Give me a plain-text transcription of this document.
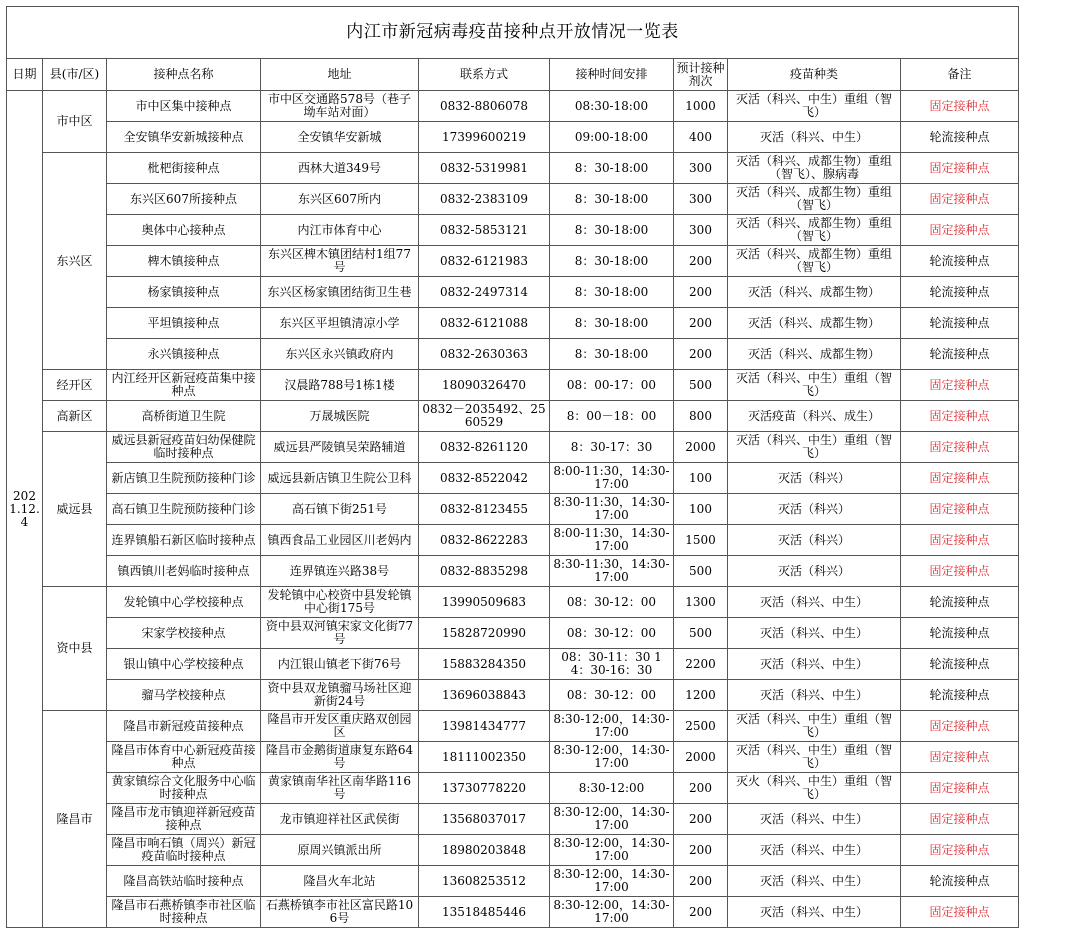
内江市新冠病毒疫苗接种点开放情况一览表								
日期	县(市/区)	接种点名称	地址	联系方式	接种时间安排	预计接种剂次	疫苗种类	备注
2021.12.4	市中区	市中区集中接种点	市中区交通路578号（巷子坳车站对面）	0832-8806078	08:30-18:00	1000	灭活（科兴、中生）重组（智飞）	固定接种点
		全安镇华安新城接种点	全安镇华安新城	17399600219	09:00-18:00	400	灭活（科兴、中生）	轮流接种点
	东兴区	枇杷街接种点	西林大道349号	0832-5319981	8：30-18:00	300	灭活（科兴、成都生物）重组（智飞）、腺病毒	固定接种点
		东兴区607所接种点	东兴区607所内	0832-2383109	8：30-18:00	300	灭活（科兴、成都生物）重组（智飞）	固定接种点
		奥体中心接种点	内江市体育中心	0832-5853121	8：30-18:00	300	灭活（科兴、成都生物）重组（智飞）	固定接种点
		椑木镇接种点	东兴区椑木镇团结村1组77号	0832-6121983	8：30-18:00	200	灭活（科兴、成都生物）重组（智飞）	轮流接种点
		杨家镇接种点	东兴区杨家镇团结街卫生巷	0832-2497314	8：30-18:00	200	灭活（科兴、成都生物）	轮流接种点
		平坦镇接种点	东兴区平坦镇清凉小学	0832-6121088	8：30-18:00	200	灭活（科兴、成都生物）	轮流接种点
		永兴镇接种点	东兴区永兴镇政府内	0832-2630363	8：30-18:00	200	灭活（科兴、成都生物）	轮流接种点
	经开区	内江经开区新冠疫苗集中接种点	汉晨路788号1栋1楼	18090326470	08：00-17：00	500	灭活（科兴、中生）重组（智飞）	固定接种点
	高新区	高桥街道卫生院	万晟城医院	0832－2035492、2560529	8：00－18：00	800	灭活疫苗（科兴、成生）	固定接种点
	威远县	威远县新冠疫苗妇幼保健院临时接种点	威远县严陵镇吴荣路辅道	0832-8261120	8：30-17：30	2000	灭活（科兴、中生）重组（智飞）	固定接种点
		新店镇卫生院预防接种门诊	威远县新店镇卫生院公卫科	0832-8522042	8:00-11:30，14:30-17:00	100	灭活（科兴）	固定接种点
		高石镇卫生院预防接种门诊	高石镇下街251号	0832-8123455	8:30-11:30，14:30-17:00	100	灭活（科兴）	固定接种点
		连界镇船石新区临时接种点	镇西食品工业园区川老妈内	0832-8622283	8:00-11:30，14:30-17:00	1500	灭活（科兴）	固定接种点
		镇西镇川老妈临时接种点	连界镇连兴路38号	0832-8835298	8:30-11:30，14:30-17:00	500	灭活（科兴）	固定接种点
	资中县	发轮镇中心学校接种点	发轮镇中心校资中县发轮镇中心街175号	13990509683	08：30-12：00	1300	灭活（科兴、中生）	轮流接种点
		宋家学校接种点	资中县双河镇宋家文化街77号	15828720990	08：30-12：00	500	灭活（科兴、中生）	轮流接种点
		银山镇中心学校接种点	内江银山镇老下街76号	15883284350	08：30-11：30 14：30-16：30	2200	灭活（科兴、中生）	轮流接种点
		骝马学校接种点	资中县双龙镇骝马场社区迎新街24号	13696038843	08：30-12：00	1200	灭活（科兴、中生）	轮流接种点
	隆昌市	隆昌市新冠疫苗接种点	隆昌市开发区重庆路双创园区	13981434777	8:30-12:00，14:30-17:00	2500	灭活（科兴、中生）重组（智飞）	固定接种点
		隆昌市体育中心新冠疫苗接种点	隆昌市金鹅街道康复东路64号	18111002350	8:30-12:00，14:30-17:00	2000	灭活（科兴、中生）重组（智飞）	固定接种点
		黄家镇综合文化服务中心临时接种点	黄家镇南华社区南华路116号	13730778220	8:30-12:00	200	灭火（科兴、中生）重组（智飞）	固定接种点
		隆昌市龙市镇迎祥新冠疫苗接种点	龙市镇迎祥社区武侯街	13568037017	8:30-12:00，14:30-17:00	200	灭活（科兴、中生）	固定接种点
		隆昌市响石镇（周兴）新冠疫苗临时接种点	原周兴镇派出所	18980203848	8:30-12:00，14:30-17:00	200	灭活（科兴、中生）	固定接种点
		隆昌高铁站临时接种点	隆昌火车北站	13608253512	8:30-12:00，14:30-17:00	200	灭活（科兴、中生）	轮流接种点
		隆昌市石燕桥镇李市社区临时接种点	石燕桥镇李市社区富民路106号	13518485446	8:30-12:00，14:30-17:00	200	灭活（科兴、中生）	固定接种点
